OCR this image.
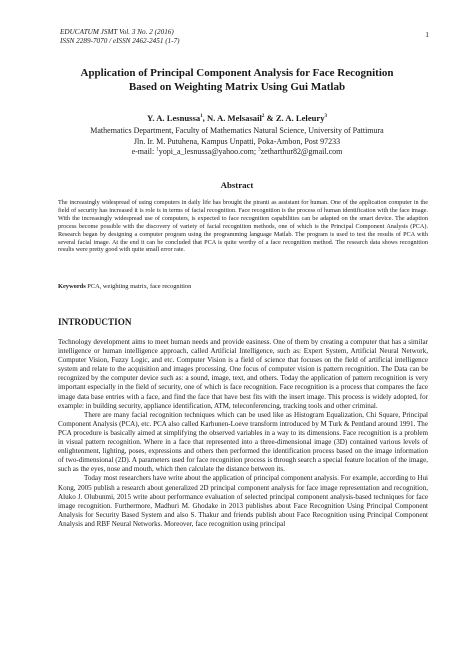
EDUCATUM JSMT Vol. 3 No. 2 (2016)
ISSN 2289-7070 / eISSN 2462-2451 (1-7)
1
Application of Principal Component Analysis for Face Recognition
Based on Weighting Matrix Using Gui Matlab
Y. A. Lesnussa$^1$, N. A. Melsasail$^2$ & Z. A. Leleury$^3$
Mathematics Department, Faculty of Mathematics Natural Science, University of Pattimura
Jln. Ir. M. Putuhena, Kampus Unpatti, Poka-Ambon, Post 97233
e-mail: $^1$yopi_a_lesnussa@yahoo.com; $^3$zetharthur82@gmail.com
Abstract
The increasingly widespread of using computers in daily life has brought the piranti as assistant for human. One of the application computer in the field of security has increased it is role is in terms of facial recognition. Face recognition is the process of human identification with the face image. With the increasingly widespread use of computers, is expected to face recognition capabilities can be adapted on the smart device. The adaption process become possible with the discovery of variety of facial recognition methods, one of which is the Principal Component Analysis (PCA). Research began by designing a computer program using the programming language Matlab. The program is used to test the results of PCA with several facial image. At the end it can be concluded that PCA is quite worthy of a face recognition method. The research data shows recognition results were pretty good with quite small error rate.
Keywords PCA, weighting matrix, face recognition
INTRODUCTION

Technology development aims to meet human needs and provide easiness. One of them by creating a computer that has a similar intelligence or human intelligence approach, called Artificial Intelligence, such as: Expert System, Artificial Neural Network, Computer Vision, Fuzzy Logic, and etc. Computer Vision is a field of science that focuses on the field of artificial intelligence system and relate to the acquisition and images processing. One focus of computer vision is pattern recognition. The Data can be recognized by the computer device such as: a sound, image, text, and others. Today the application of pattern recognition is very important especially in the field of security, one of which is face recognition. Face recognition is a process that compares the face image data base entries with a face, and find the face that have best fits with the insert image. This process is widely adopted, for example: in building security, appliance identification, ATM, teleconferencing, tracking tools and other criminal.

There are many facial recognition techniques which can be used like as Histogram Equalization, Chi Square, Principal Component Analysis (PCA), etc. PCA also called Karhunen-Loeve transform introduced by M Turk & Pentland around 1991. The PCA procedure is basically aimed at simplifying the observed variables in a way to its dimensions. Face recognition is a problem in visual pattern recognition. Where in a face that represented into a three-dimensional image (3D) contained various levels of enlightenment, lighting, poses, expressions and others then performed the identification process based on the image information of two-dimensional (2D). A parameters used for face recognition process is through search a special feature location of the image, such as the eyes, nose and mouth, which then calculate the distance between its.

Today most researchers have write about the application of principal component analysis. For example, according to Hui Kong, 2005 publish a research about generalized 2D principal component analysis for face image representation and recognition, Aluko J. Olubunmi, 2015 write about performance evaluation of selected principal component analysis-based techniques for face image recognition. Furthermore, Madhuri M. Ghodake in 2013 publishes about Face Recognition Using Principal Component Analysis for Security Based System and also S. Thakur and friends publish about Face Recognition using Principal Component Analysis and RBF Neural Networks. Moreover, face recognition using principal
